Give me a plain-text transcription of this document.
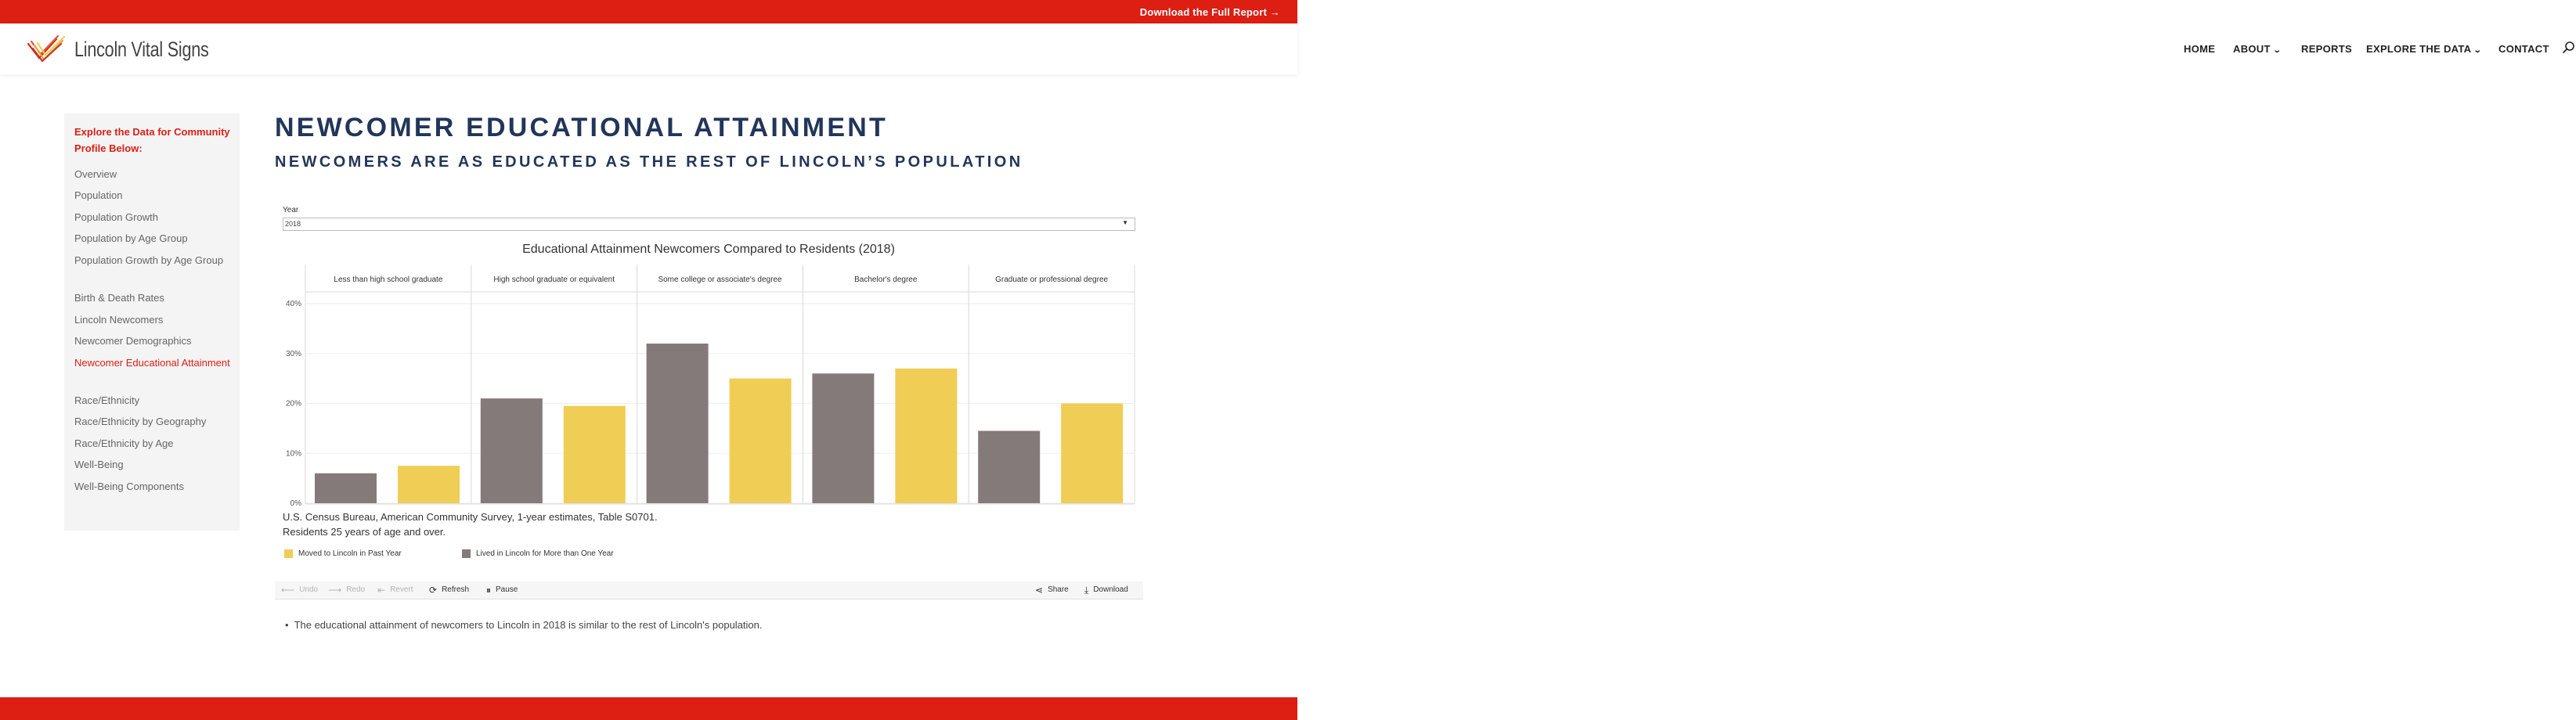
Download the Full Report →
Lincoln Vital Signs	HOME ABOUT ⌄ REPORTS EXPLORE THE DATA ⌄ CONTACT
Explore the Data for Community Profile Below:
Overview
Population
Population Growth
Population by Age Group
Population Growth by Age Group
Birth & Death Rates
Lincoln Newcomers
Newcomer Demographics
Newcomer Educational Attainment
Race/Ethnicity
Race/Ethnicity by Geography
Race/Ethnicity by Age
Well-Being
Well-Being Components
NEWCOMER EDUCATIONAL ATTAINMENT
NEWCOMERS ARE AS EDUCATED AS THE REST OF LINCOLN’S POPULATION
Year
2018	▼
Educational Attainment Newcomers Compared to Residents (2018)
0%
10%
20%
30%
40%
Less than high school graduate	High school graduate or equivalent	Some college or associate's degree	Bachelor's degree	Graduate or professional degree
U.S. Census Bureau, American Community Survey, 1-year estimates, Table S0701.
Residents 25 years of age and over.
Moved to Lincoln in Past Year	Lived in Lincoln for More than One Year
⟵ Undo ⟶ Redo ⇤ Revert ⟳ Refresh ⏸ Pause	⋖ Share ⤓ Download
• The educational attainment of newcomers to Lincoln in 2018 is similar to the rest of Lincoln's population.
